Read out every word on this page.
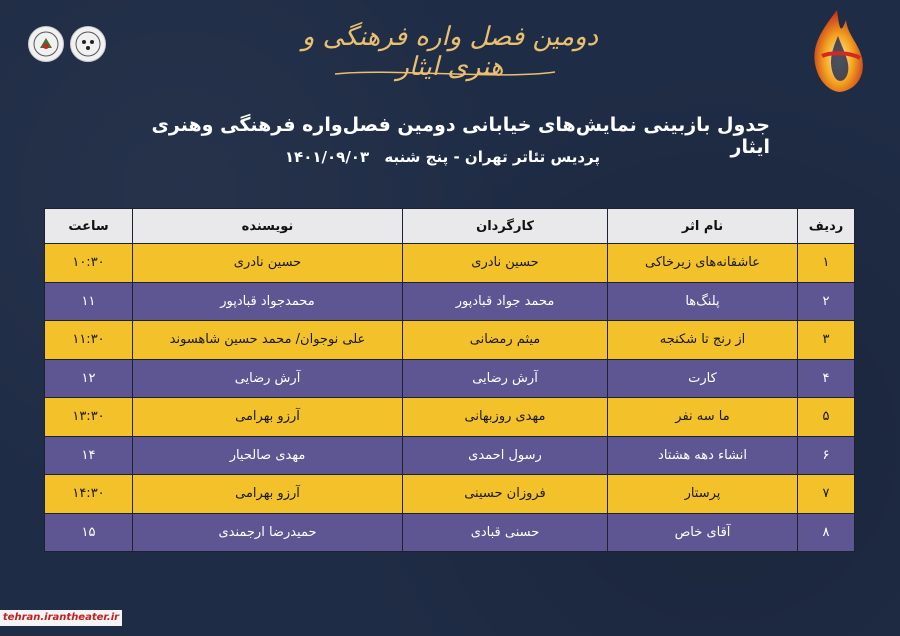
دومین فصل واره فرهنگی و هنری ایثار
جدول بازبینی نمایش‌های خیابانی دومین فصل‌واره فرهنگی وهنری ایثار
پردیس تئاتر تهران - پنج شنبه ۱۴۰۱/۰۹/۰۳
ردیف	نام اثر	کارگردان	نویسنده	ساعت
۱	عاشقانه‌های زیرخاکی	حسین نادری	حسین نادری	۱۰:۳۰
۲	پلنگ‌ها	محمد جواد قبادپور	محمدجواد قبادپور	۱۱
۳	از رنج تا شکنجه	میثم رمضانی	علی نوجوان/ محمد حسین شاهسوند	۱۱:۳۰
۴	کارت	آرش رضایی	آرش رضایی	۱۲
۵	ما سه نفر	مهدی روزبهانی	آرزو بهرامی	۱۳:۳۰
۶	انشاء دهه هشتاد	رسول احمدی	مهدی صالحیار	۱۴
۷	پرستار	فروزان حسینی	آرزو بهرامی	۱۴:۳۰
۸	آقای خاص	حسنی قبادی	حمیدرضا ارجمندی	۱۵
tehran.irantheater.ir
